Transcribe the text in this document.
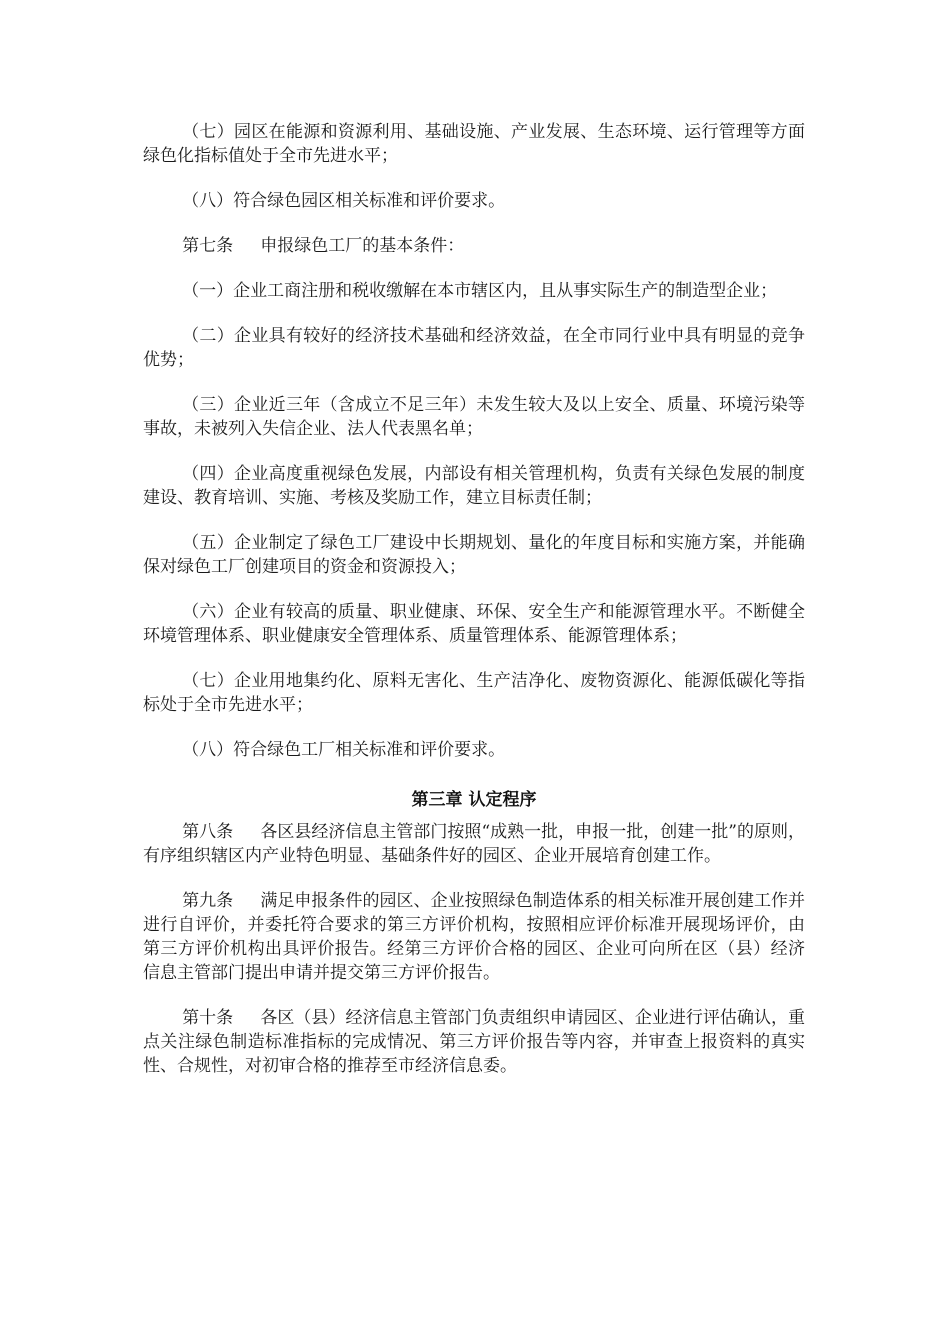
（七）园区在能源和资源利用、基础设施、产业发展、生态环境、运行管理等方面绿色化指标值处于全市先进水平；

（八）符合绿色园区相关标准和评价要求。

第七条 申报绿色工厂的基本条件：

（一）企业工商注册和税收缴解在本市辖区内，且从事实际生产的制造型企业；

（二）企业具有较好的经济技术基础和经济效益，在全市同行业中具有明显的竞争优势；

（三）企业近三年（含成立不足三年）未发生较大及以上安全、质量、环境污染等事故，未被列入失信企业、法人代表黑名单；

（四）企业高度重视绿色发展，内部设有相关管理机构，负责有关绿色发展的制度建设、教育培训、实施、考核及奖励工作，建立目标责任制；

（五）企业制定了绿色工厂建设中长期规划、量化的年度目标和实施方案，并能确保对绿色工厂创建项目的资金和资源投入；

（六）企业有较高的质量、职业健康、环保、安全生产和能源管理水平。不断健全环境管理体系、职业健康安全管理体系、质量管理体系、能源管理体系；

（七）企业用地集约化、原料无害化、生产洁净化、废物资源化、能源低碳化等指标处于全市先进水平；

（八）符合绿色工厂相关标准和评价要求。

第三章 认定程序

第八条 各区县经济信息主管部门按照“成熟一批，申报一批，创建一批”的原则，有序组织辖区内产业特色明显、基础条件好的园区、企业开展培育创建工作。

第九条 满足申报条件的园区、企业按照绿色制造体系的相关标准开展创建工作并进行自评价，并委托符合要求的第三方评价机构，按照相应评价标准开展现场评价，由第三方评价机构出具评价报告。经第三方评价合格的园区、企业可向所在区（县）经济信息主管部门提出申请并提交第三方评价报告。

第十条 各区（县）经济信息主管部门负责组织申请园区、企业进行评估确认，重点关注绿色制造标准指标的完成情况、第三方评价报告等内容，并审查上报资料的真实性、合规性，对初审合格的推荐至市经济信息委。
